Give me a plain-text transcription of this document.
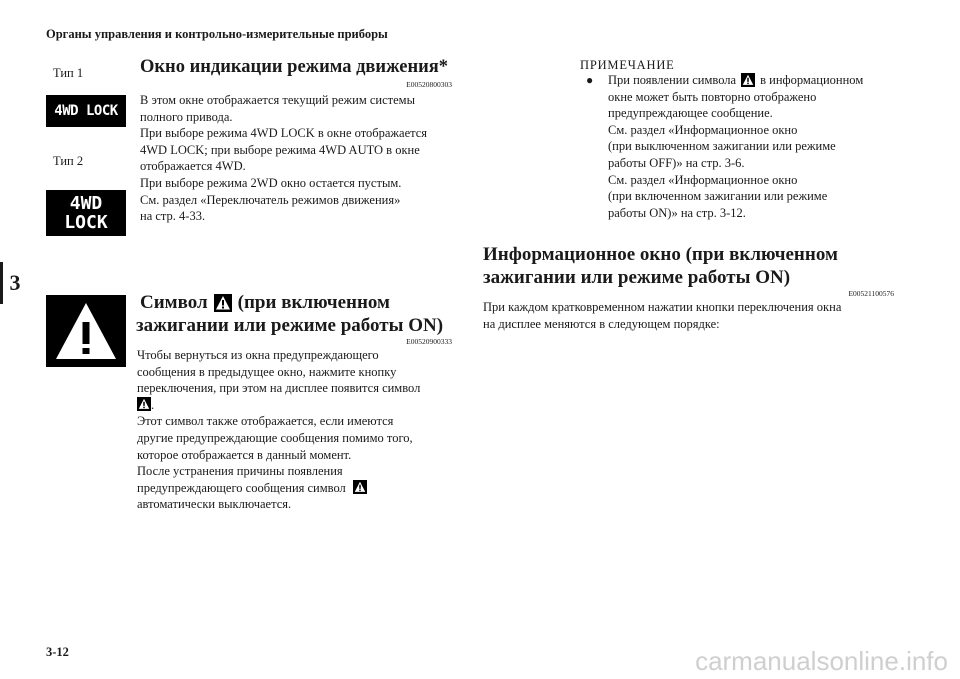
Органы управления и контрольно-измерительные приборы
3
Тип 1
4WD LOCK
Тип 2
4WD
LOCK
Окно индикации режима движения*
E00520800303

В этом окне отображается текущий режим системы

полного привода.

При выборе режима 4WD LOCK в окне отображается

4WD LOCK; при выборе режима 4WD AUTO в окне

отображается 4WD.

При выборе режима 2WD окно остается пустым.

См. раздел «Переключатель режимов движения»

на стр. 4-33.

Символ (при включенном
зажигании или режиме работы ON)
E00520900333

Чтобы вернуться из окна предупреждающего

сообщения в предыдущее окно, нажмите кнопку

переключения, при этом на дисплее появится символ

.

Этот символ также отображается, если имеются

другие предупреждающие сообщения помимо того,

которое отображается в данный момент.

После устранения причины появления

предупреждающего сообщения символ

автоматически выключается.

ПРИМЕЧАНИЕ

●	При появлении символа в информационном

окне может быть повторно отображено

предупреждающее сообщение.

См. раздел «Информационное окно

(при выключенном зажигании или режиме

работы OFF)» на стр. 3-6.

См. раздел «Информационное окно

(при включенном зажигании или режиме

работы ON)» на стр. 3-12.

Информационное окно (при включенном
зажигании или режиме работы ON)
E00521100576

При каждом кратковременном нажатии кнопки переключения окна

на дисплее меняются в следующем порядке:

3-12	carmanualsonline.info
